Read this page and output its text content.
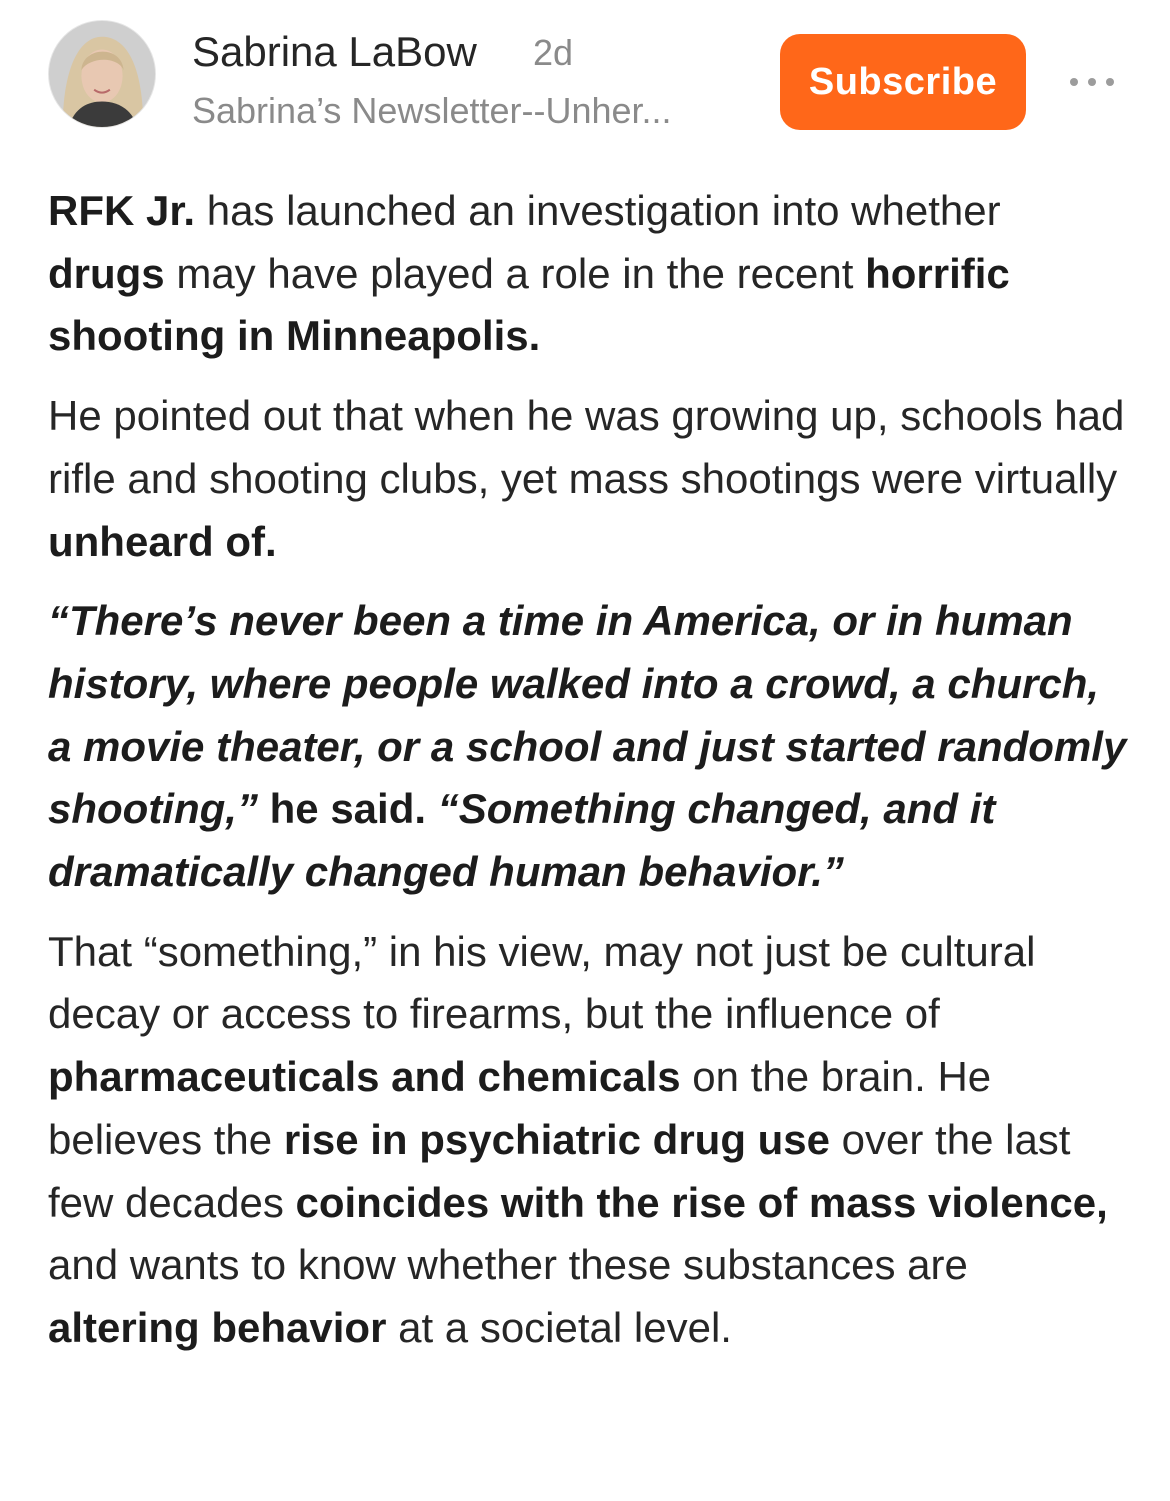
Sabrina LaBow 2d
Sabrina’s Newsletter--Unher...
Subscribe

RFK Jr. has launched an investigation into whether drugs may have played a role in the recent horrific shooting in Minneapolis.

He pointed out that when he was growing up, schools had rifle and shooting clubs, yet mass shootings were virtually unheard of.

“There’s never been a time in America, or in human history, where people walked into a crowd, a church, a movie theater, or a school and just started randomly shooting,” he said. “Something changed, and it dramatically changed human behavior.”

That “something,” in his view, may not just be cultural decay or access to firearms, but the influence of pharmaceuticals and chemicals on the brain. He believes the rise in psychiatric drug use over the last few decades coincides with the rise of mass violence, and wants to know whether these substances are altering behavior at a societal level.
